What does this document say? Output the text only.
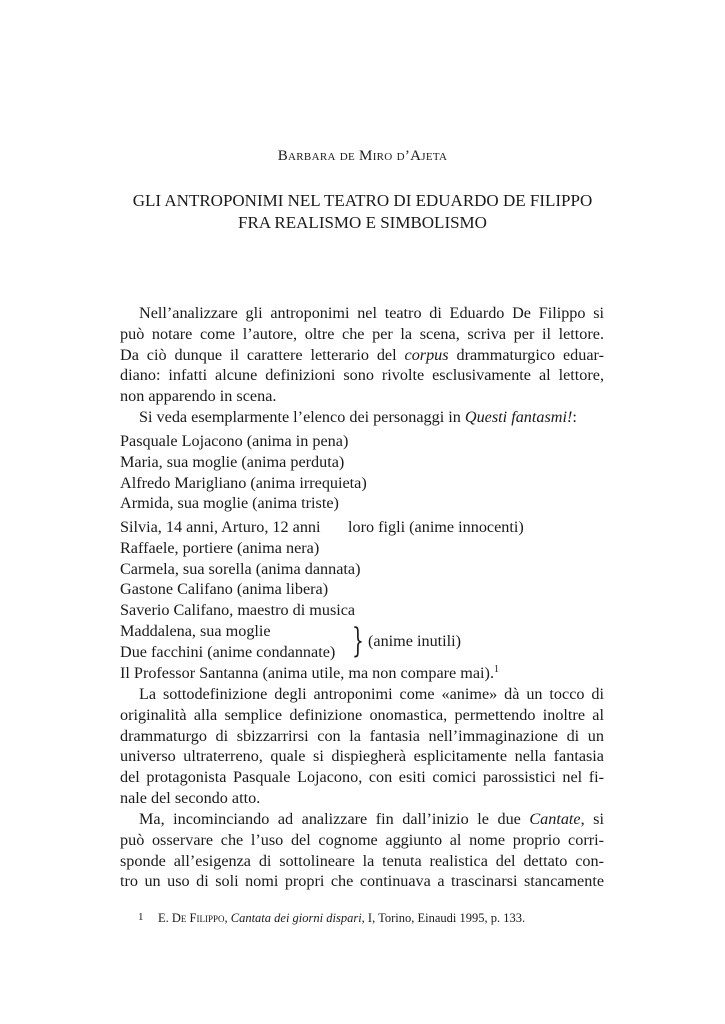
Barbara de Miro d’Ajeta
GLI ANTROPONIMI NEL TEATRO DI EDUARDO DE FILIPPO
FRA REALISMO E SIMBOLISMO
Nell’analizzare gli antroponimi nel teatro di Eduardo De Filippo si
può notare come l’autore, oltre che per la scena, scriva per il lettore.
Da ciò dunque il carattere letterario del corpus drammaturgico eduar-
diano: infatti alcune definizioni sono rivolte esclusivamente al lettore,
non apparendo in scena.
Si veda esemplarmente l’elenco dei personaggi in Questi fantasmi!:
Pasquale Lojacono (anima in pena)
Maria, sua moglie (anima perduta)
Alfredo Marigliano (anima irrequieta)
Armida, sua moglie (anima triste)
Silvia, 14 anni, Arturo, 12 anni loro figli (anime innocenti)
Raffaele, portiere (anima nera)
Carmela, sua sorella (anima dannata)
Gastone Califano (anima libera)
Saverio Califano, maestro di musica
Maddalena, sua moglie
Due facchini (anime condannate) } (anime inutili)
Il Professor Santanna (anima utile, ma non compare mai).$^1$
La sottodefinizione degli antroponimi come «anime» dà un tocco di
originalità alla semplice definizione onomastica, permettendo inoltre al
drammaturgo di sbizzarrirsi con la fantasia nell’immaginazione di un
universo ultraterreno, quale si dispiegherà esplicitamente nella fantasia
del protagonista Pasquale Lojacono, con esiti comici parossistici nel fi-
nale del secondo atto.
Ma, incominciando ad analizzare fin dall’inizio le due Cantate, si
può osservare che l’uso del cognome aggiunto al nome proprio corri-
sponde all’esigenza di sottolineare la tenuta realistica del dettato con-
tro un uso di soli nomi propri che continuava a trascinarsi stancamente
1 E. De Filippo, Cantata dei giorni dispari, I, Torino, Einaudi 1995, p. 133.
